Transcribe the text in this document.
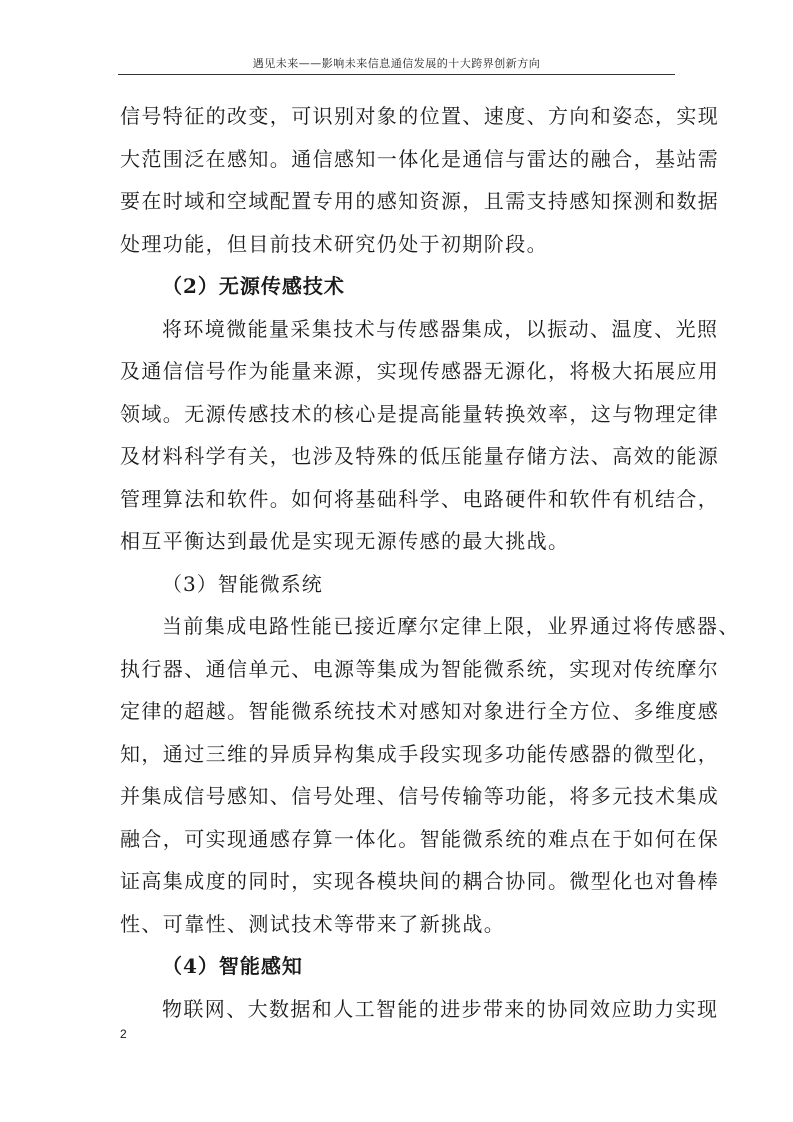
遇见未来——影响未来信息通信发展的十大跨界创新方向
信号特征的改变，可识别对象的位置、速度、方向和姿态，实现
大范围泛在感知。通信感知一体化是通信与雷达的融合，基站需
要在时域和空域配置专用的感知资源，且需支持感知探测和数据
处理功能，但目前技术研究仍处于初期阶段。
（2）无源传感技术
将环境微能量采集技术与传感器集成，以振动、温度、光照
及通信信号作为能量来源，实现传感器无源化，将极大拓展应用
领域。无源传感技术的核心是提高能量转换效率，这与物理定律
及材料科学有关，也涉及特殊的低压能量存储方法、高效的能源
管理算法和软件。如何将基础科学、电路硬件和软件有机结合，
相互平衡达到最优是实现无源传感的最大挑战。
（3）智能微系统
当前集成电路性能已接近摩尔定律上限，业界通过将传感器、
执行器、通信单元、电源等集成为智能微系统，实现对传统摩尔
定律的超越。智能微系统技术对感知对象进行全方位、多维度感
知，通过三维的异质异构集成手段实现多功能传感器的微型化，
并集成信号感知、信号处理、信号传输等功能，将多元技术集成
融合，可实现通感存算一体化。智能微系统的难点在于如何在保
证高集成度的同时，实现各模块间的耦合协同。微型化也对鲁棒
性、可靠性、测试技术等带来了新挑战。
（4）智能感知
物联网、大数据和人工智能的进步带来的协同效应助力实现
2
